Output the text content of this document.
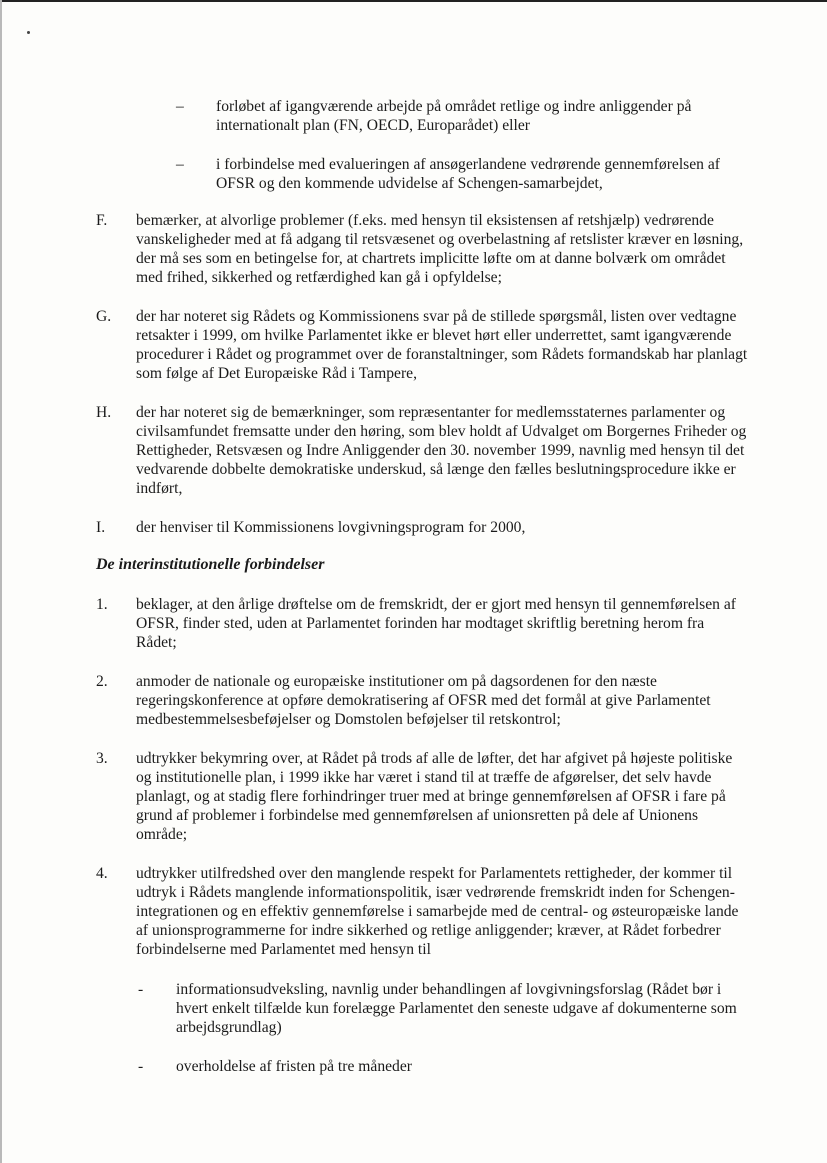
– forløbet af igangværende arbejde på området retlige og indre anliggender på internationalt plan (FN, OECD, Europarådet) eller

– i forbindelse med evalueringen af ansøgerlandene vedrørende gennemførelsen af OFSR og den kommende udvidelse af Schengen-samarbejdet,

F. bemærker, at alvorlige problemer (f.eks. med hensyn til eksistensen af retshjælp) vedrørende vanskeligheder med at få adgang til retsvæsenet og overbelastning af retslister kræver en løsning, der må ses som en betingelse for, at chartrets implicitte løfte om at danne bolværk om området med frihed, sikkerhed og retfærdighed kan gå i opfyldelse;

G. der har noteret sig Rådets og Kommissionens svar på de stillede spørgsmål, listen over vedtagne retsakter i 1999, om hvilke Parlamentet ikke er blevet hørt eller underrettet, samt igangværende procedurer i Rådet og programmet over de foranstaltninger, som Rådets formandskab har planlagt som følge af Det Europæiske Råd i Tampere,

H. der har noteret sig de bemærkninger, som repræsentanter for medlemsstaternes parlamenter og civilsamfundet fremsatte under den høring, som blev holdt af Udvalget om Borgernes Friheder og Rettigheder, Retsvæsen og Indre Anliggender den 30. november 1999, navnlig med hensyn til det vedvarende dobbelte demokratiske underskud, så længe den fælles beslutningsprocedure ikke er indført,

I. der henviser til Kommissionens lovgivningsprogram for 2000,

De interinstitutionelle forbindelser
1. beklager, at den årlige drøftelse om de fremskridt, der er gjort med hensyn til gennemførelsen af OFSR, finder sted, uden at Parlamentet forinden har modtaget skriftlig beretning herom fra Rådet;

2. anmoder de nationale og europæiske institutioner om på dagsordenen for den næste regeringskonference at opføre demokratisering af OFSR med det formål at give Parlamentet medbestemmelsesbeføjelser og Domstolen beføjelser til retskontrol;

3. udtrykker bekymring over, at Rådet på trods af alle de løfter, det har afgivet på højeste politiske og institutionelle plan, i 1999 ikke har været i stand til at træffe de afgørelser, det selv havde planlagt, og at stadig flere forhindringer truer med at bringe gennemførelsen af OFSR i fare på grund af problemer i forbindelse med gennemførelsen af unionsretten på dele af Unionens område;

4. udtrykker utilfredshed over den manglende respekt for Parlamentets rettigheder, der kommer til udtryk i Rådets manglende informationspolitik, især vedrørende fremskridt inden for Schengen-integrationen og en effektiv gennemførelse i samarbejde med de central- og østeuropæiske lande af unionsprogrammerne for indre sikkerhed og retlige anliggender; kræver, at Rådet forbedrer forbindelserne med Parlamentet med hensyn til

- informationsudveksling, navnlig under behandlingen af lovgivningsforslag (Rådet bør i hvert enkelt tilfælde kun forelægge Parlamentet den seneste udgave af dokumenterne som arbejdsgrundlag)

- overholdelse af fristen på tre måneder
